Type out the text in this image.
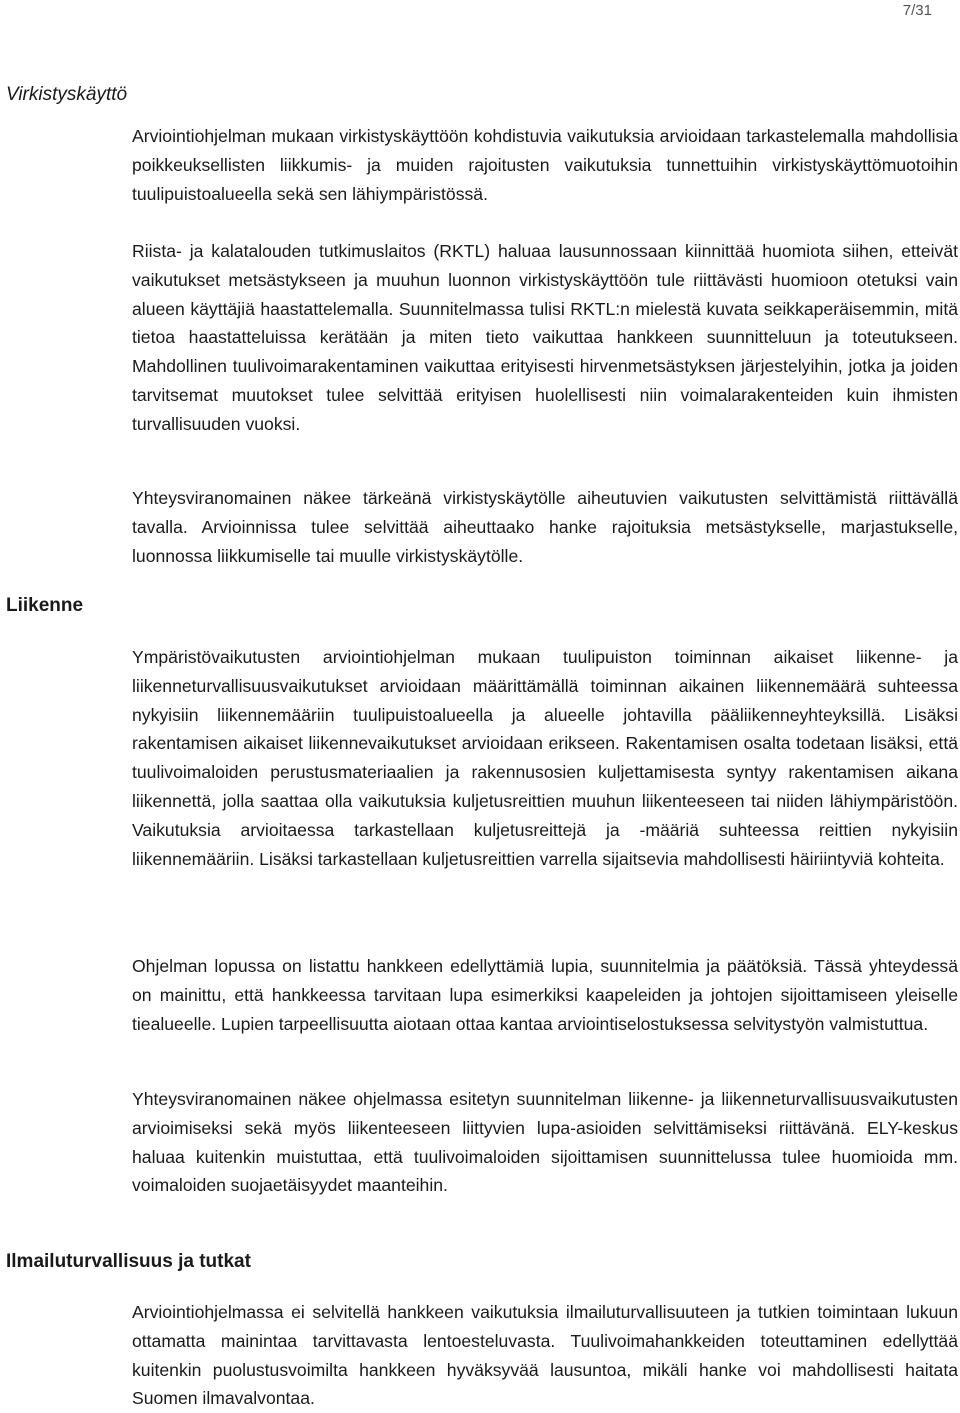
7/31
Virkistyskäyttö

Arviointiohjelman mukaan virkistyskäyttöön kohdistuvia vaikutuksia arvioidaan tarkastelemalla mahdollisia poikkeuksellisten liikkumis- ja muiden rajoitusten vaikutuksia tunnettuihin virkistyskäyttömuotoihin tuulipuistoalueella sekä sen lähiympäristössä.

Riista- ja kalatalouden tutkimuslaitos (RKTL) haluaa lausunnossaan kiinnittää huomiota siihen, etteivät vaikutukset metsästykseen ja muuhun luonnon virkistyskäyttöön tule riittävästi huomioon otetuksi vain alueen käyttäjiä haastattelemalla. Suunnitelmassa tulisi RKTL:n mielestä kuvata seikkaperäisemmin, mitä tietoa haastatteluissa kerätään ja miten tieto vaikuttaa hankkeen suunnitteluun ja toteutukseen. Mahdollinen tuulivoimarakentaminen vaikuttaa erityisesti hirvenmetsästyksen järjestelyihin, jotka ja joiden tarvitsemat muutokset tulee selvittää erityisen huolellisesti niin voimalarakenteiden kuin ihmisten turvallisuuden vuoksi.

Yhteysviranomainen näkee tärkeänä virkistyskäytölle aiheutuvien vaikutusten selvittämistä riittävällä tavalla. Arvioinnissa tulee selvittää aiheuttaako hanke rajoituksia metsästykselle, marjastukselle, luonnossa liikkumiselle tai muulle virkistyskäytölle.

Liikenne

Ympäristövaikutusten arviointiohjelman mukaan tuulipuiston toiminnan aikaiset liikenne- ja liikenneturvallisuusvaikutukset arvioidaan määrittämällä toiminnan aikainen liikennemäärä suhteessa nykyisiin liikennemääriin tuulipuistoalueella ja alueelle johtavilla pääliikenneyhteyksillä. Lisäksi rakentamisen aikaiset liikennevaikutukset arvioidaan erikseen. Rakentamisen osalta todetaan lisäksi, että tuulivoimaloiden perustusmateriaalien ja rakennusosien kuljettamisesta syntyy rakentamisen aikana liikennettä, jolla saattaa olla vaikutuksia kuljetusreittien muuhun liikenteeseen tai niiden lähiympäristöön. Vaikutuksia arvioitaessa tarkastellaan kuljetusreittejä ja -määriä suhteessa reittien nykyisiin liikennemääriin. Lisäksi tarkastellaan kuljetusreittien varrella sijaitsevia mahdollisesti häiriintyviä kohteita.

Ohjelman lopussa on listattu hankkeen edellyttämiä lupia, suunnitelmia ja päätöksiä. Tässä yhteydessä on mainittu, että hankkeessa tarvitaan lupa esimerkiksi kaapeleiden ja johtojen sijoittamiseen yleiselle tiealueelle. Lupien tarpeellisuutta aiotaan ottaa kantaa arviointiselostuksessa selvitystyön valmistuttua.

Yhteysviranomainen näkee ohjelmassa esitetyn suunnitelman liikenne- ja liikenneturvallisuusvaikutusten arvioimiseksi sekä myös liikenteeseen liittyvien lupa-asioiden selvittämiseksi riittävänä. ELY-keskus haluaa kuitenkin muistuttaa, että tuulivoimaloiden sijoittamisen suunnittelussa tulee huomioida mm. voimaloiden suojaetäisyydet maanteihin.

Ilmailuturvallisuus ja tutkat

Arviointiohjelmassa ei selvitellä hankkeen vaikutuksia ilmailuturvallisuuteen ja tutkien toimintaan lukuun ottamatta mainintaa tarvittavasta lentoesteluvasta. Tuulivoimahankkeiden toteuttaminen edellyttää kuitenkin puolustusvoimilta hankkeen hyväksyvää lausuntoa, mikäli hanke voi mahdollisesti haitata Suomen ilmavalvontaa.
